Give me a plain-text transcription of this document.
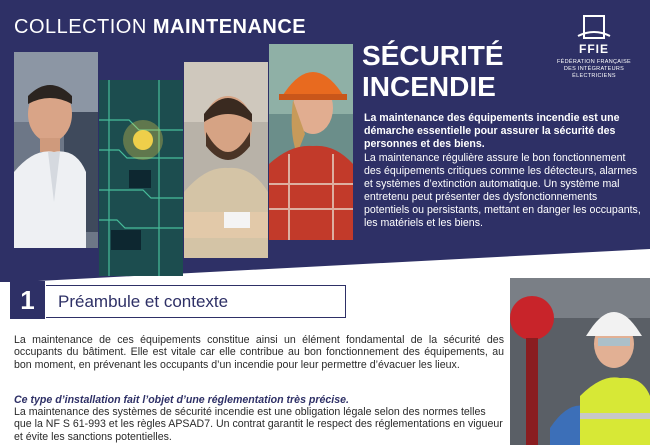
COLLECTION MAINTENANCE
FFIE
FÉDÉRATION FRANÇAISE
DES INTÉGRATEURS ÉLECTRICIENS
SÉCURITÉ
INCENDIE
La maintenance des équipements incendie est une démarche essentielle pour assurer la sécurité des personnes et des biens.
La maintenance régulière assure le bon fonctionnement des équipements critiques comme les détecteurs, alarmes et systèmes d’extinction automatique. Un système mal entretenu peut présenter des dysfonctionnements potentiels ou persistants, mettant en danger les occupants, les matériels et les biens.
1	Préambule et contexte
La maintenance de ces équipements constitue ainsi un élément fondamental de la sécurité des occupants du bâtiment. Elle est vitale car elle contribue au bon fonctionnement des équipements, au bon moment, en prévenant les occupants d’un incendie pour leur permettre d’évacuer les lieux.
Ce type d’installation fait l’objet d’une réglementation très précise.
La maintenance des systèmes de sécurité incendie est une obligation légale selon des normes telles que la NF S 61-993 et les règles APSAD7. Un contrat garantit le respect des réglementations en vigueur et évite les sanctions potentielles.
